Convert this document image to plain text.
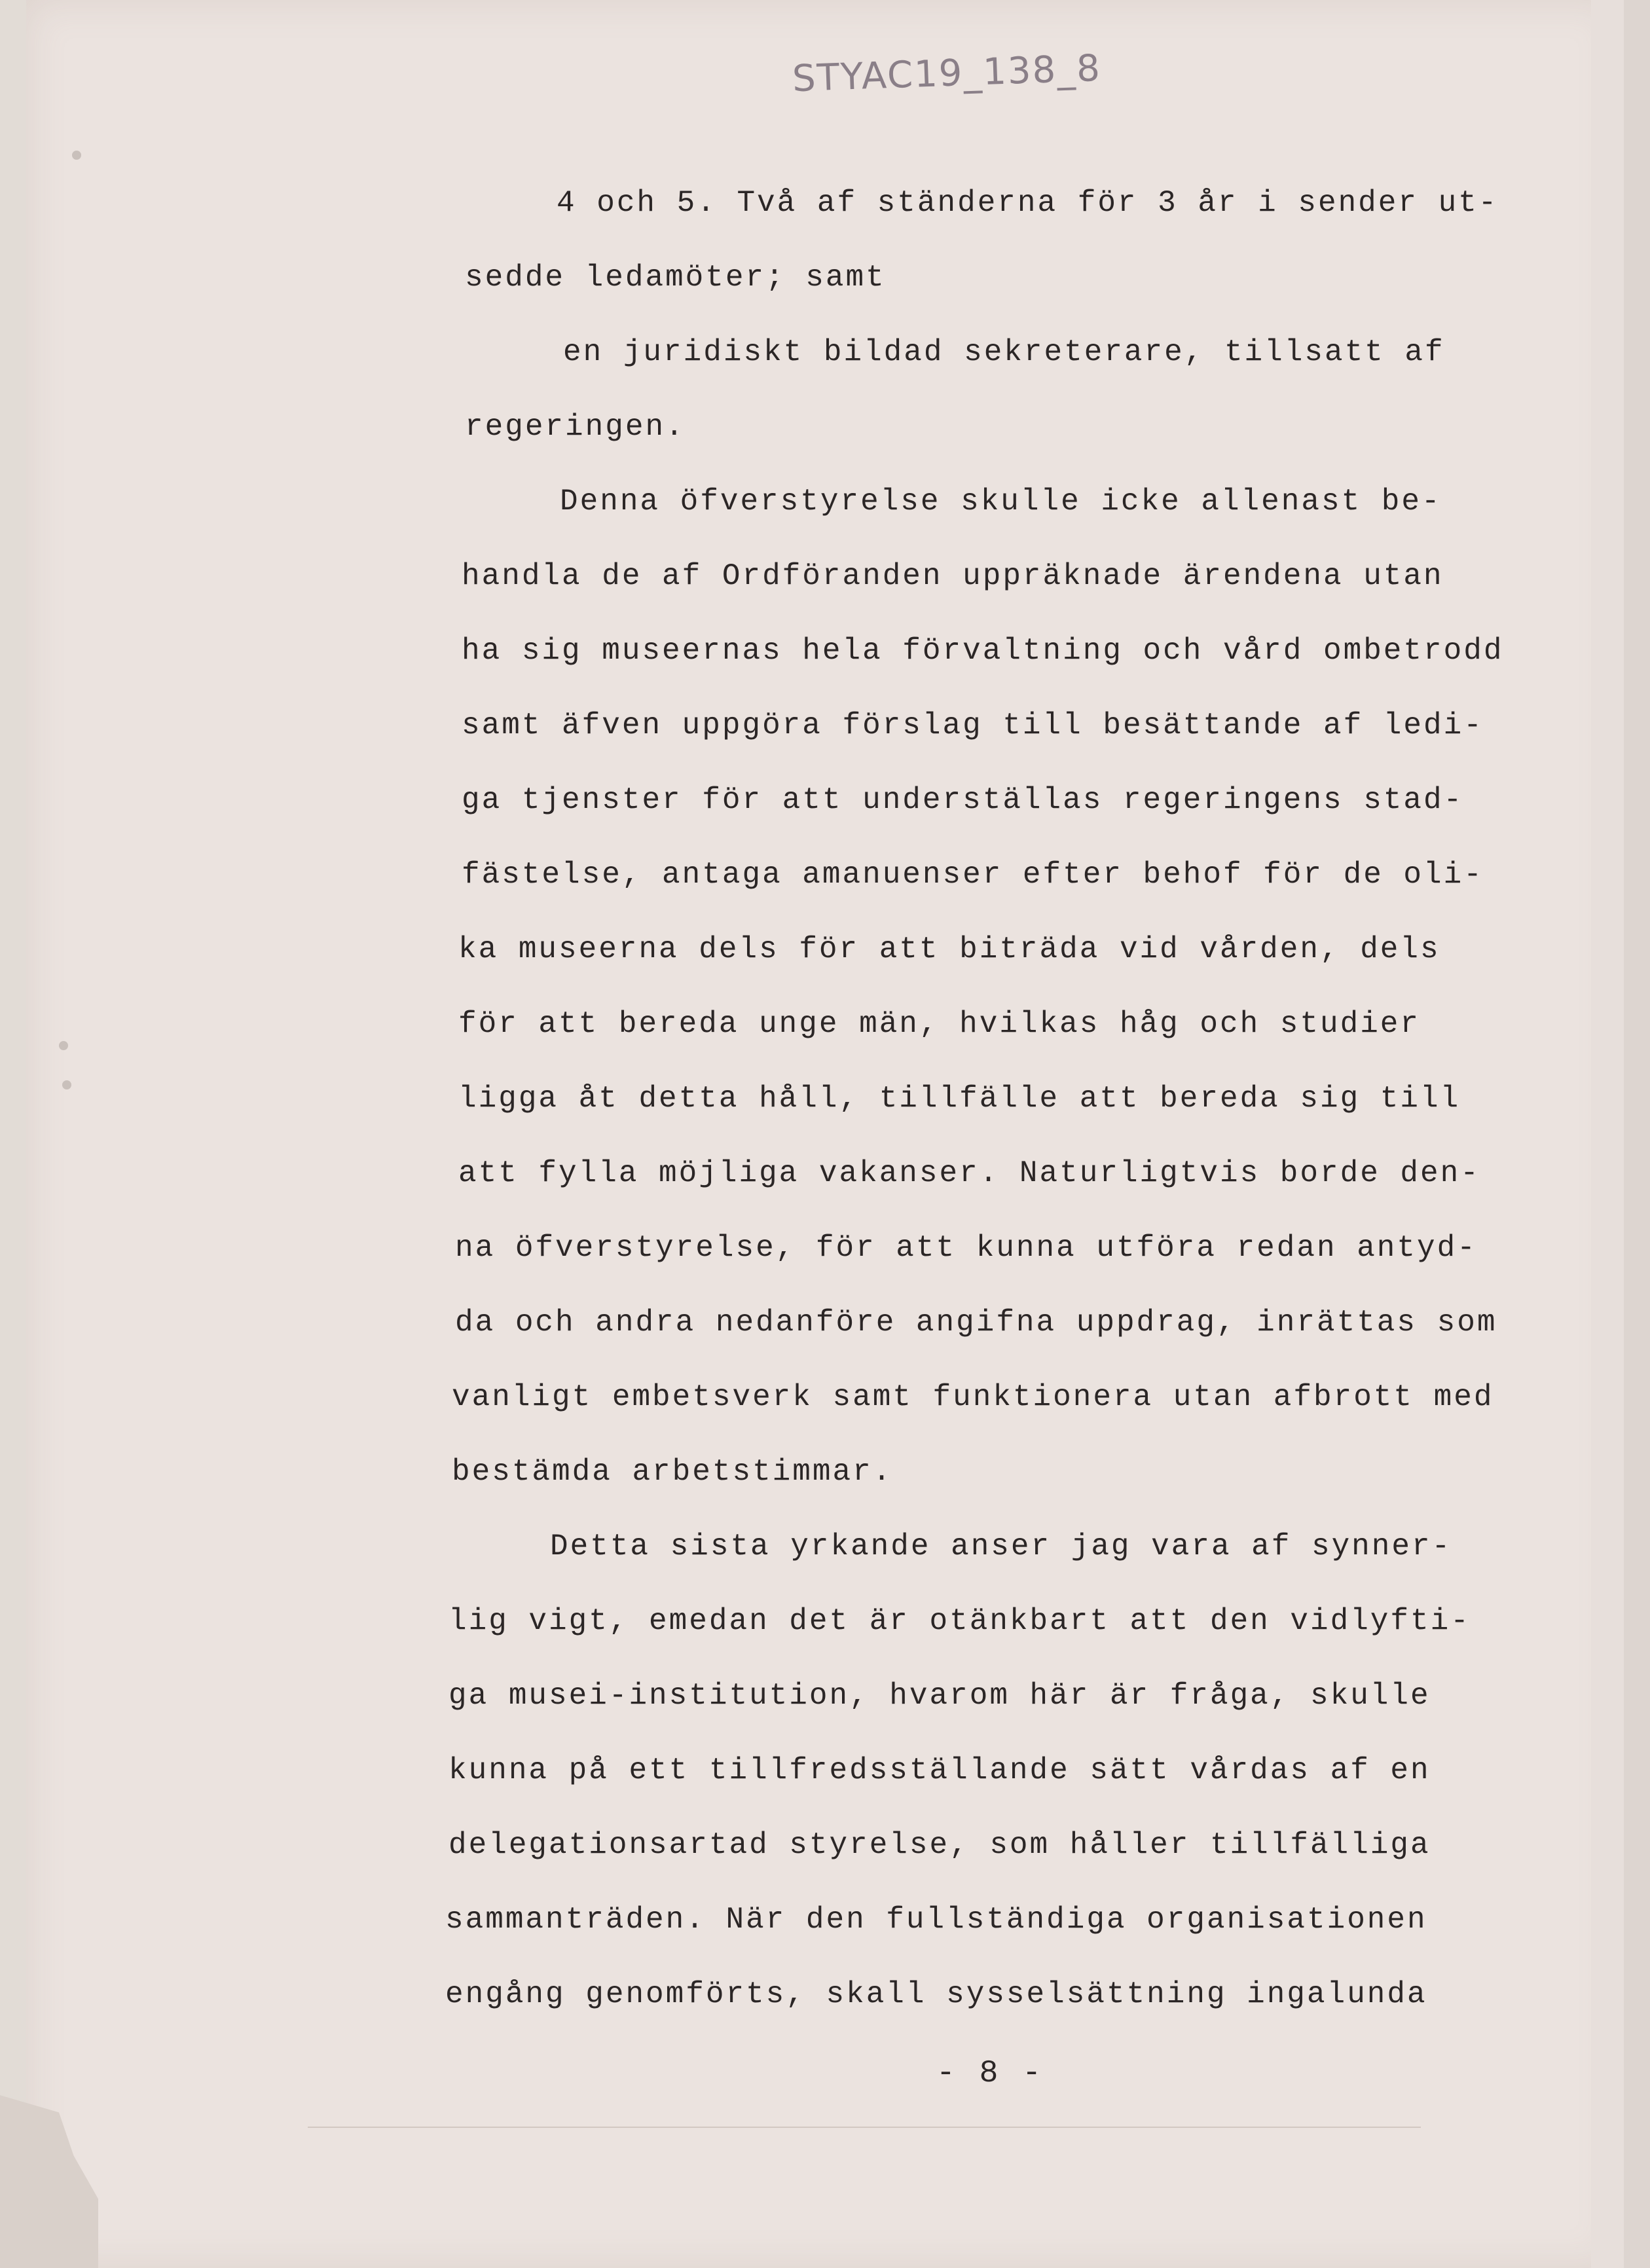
STYAC19_138_8
4 och 5. Två af ständerna för 3 år i sender ut-
sedde ledamöter; samt
en juridiskt bildad sekreterare, tillsatt af
regeringen.
Denna öfverstyrelse skulle icke allenast be-
handla de af Ordföranden uppräknade ärendena utan
ha sig museernas hela förvaltning och vård ombetrodd
samt äfven uppgöra förslag till besättande af ledi-
ga tjenster för att underställas regeringens stad-
fästelse, antaga amanuenser efter behof för de oli-
ka museerna dels för att biträda vid vården, dels
för att bereda unge män, hvilkas håg och studier
ligga åt detta håll, tillfälle att bereda sig till
att fylla möjliga vakanser. Naturligtvis borde den-
na öfverstyrelse, för att kunna utföra redan antyd-
da och andra nedanföre angifna uppdrag, inrättas som
vanligt embetsverk samt funktionera utan afbrott med
bestämda arbetstimmar.
Detta sista yrkande anser jag vara af synner-
lig vigt, emedan det är otänkbart att den vidlyfti-
ga musei-institution, hvarom här är fråga, skulle
kunna på ett tillfredsställande sätt vårdas af en
delegationsartad styrelse, som håller tillfälliga
sammanträden. När den fullständiga organisationen
engång genomförts, skall sysselsättning ingalunda
- 8 -
